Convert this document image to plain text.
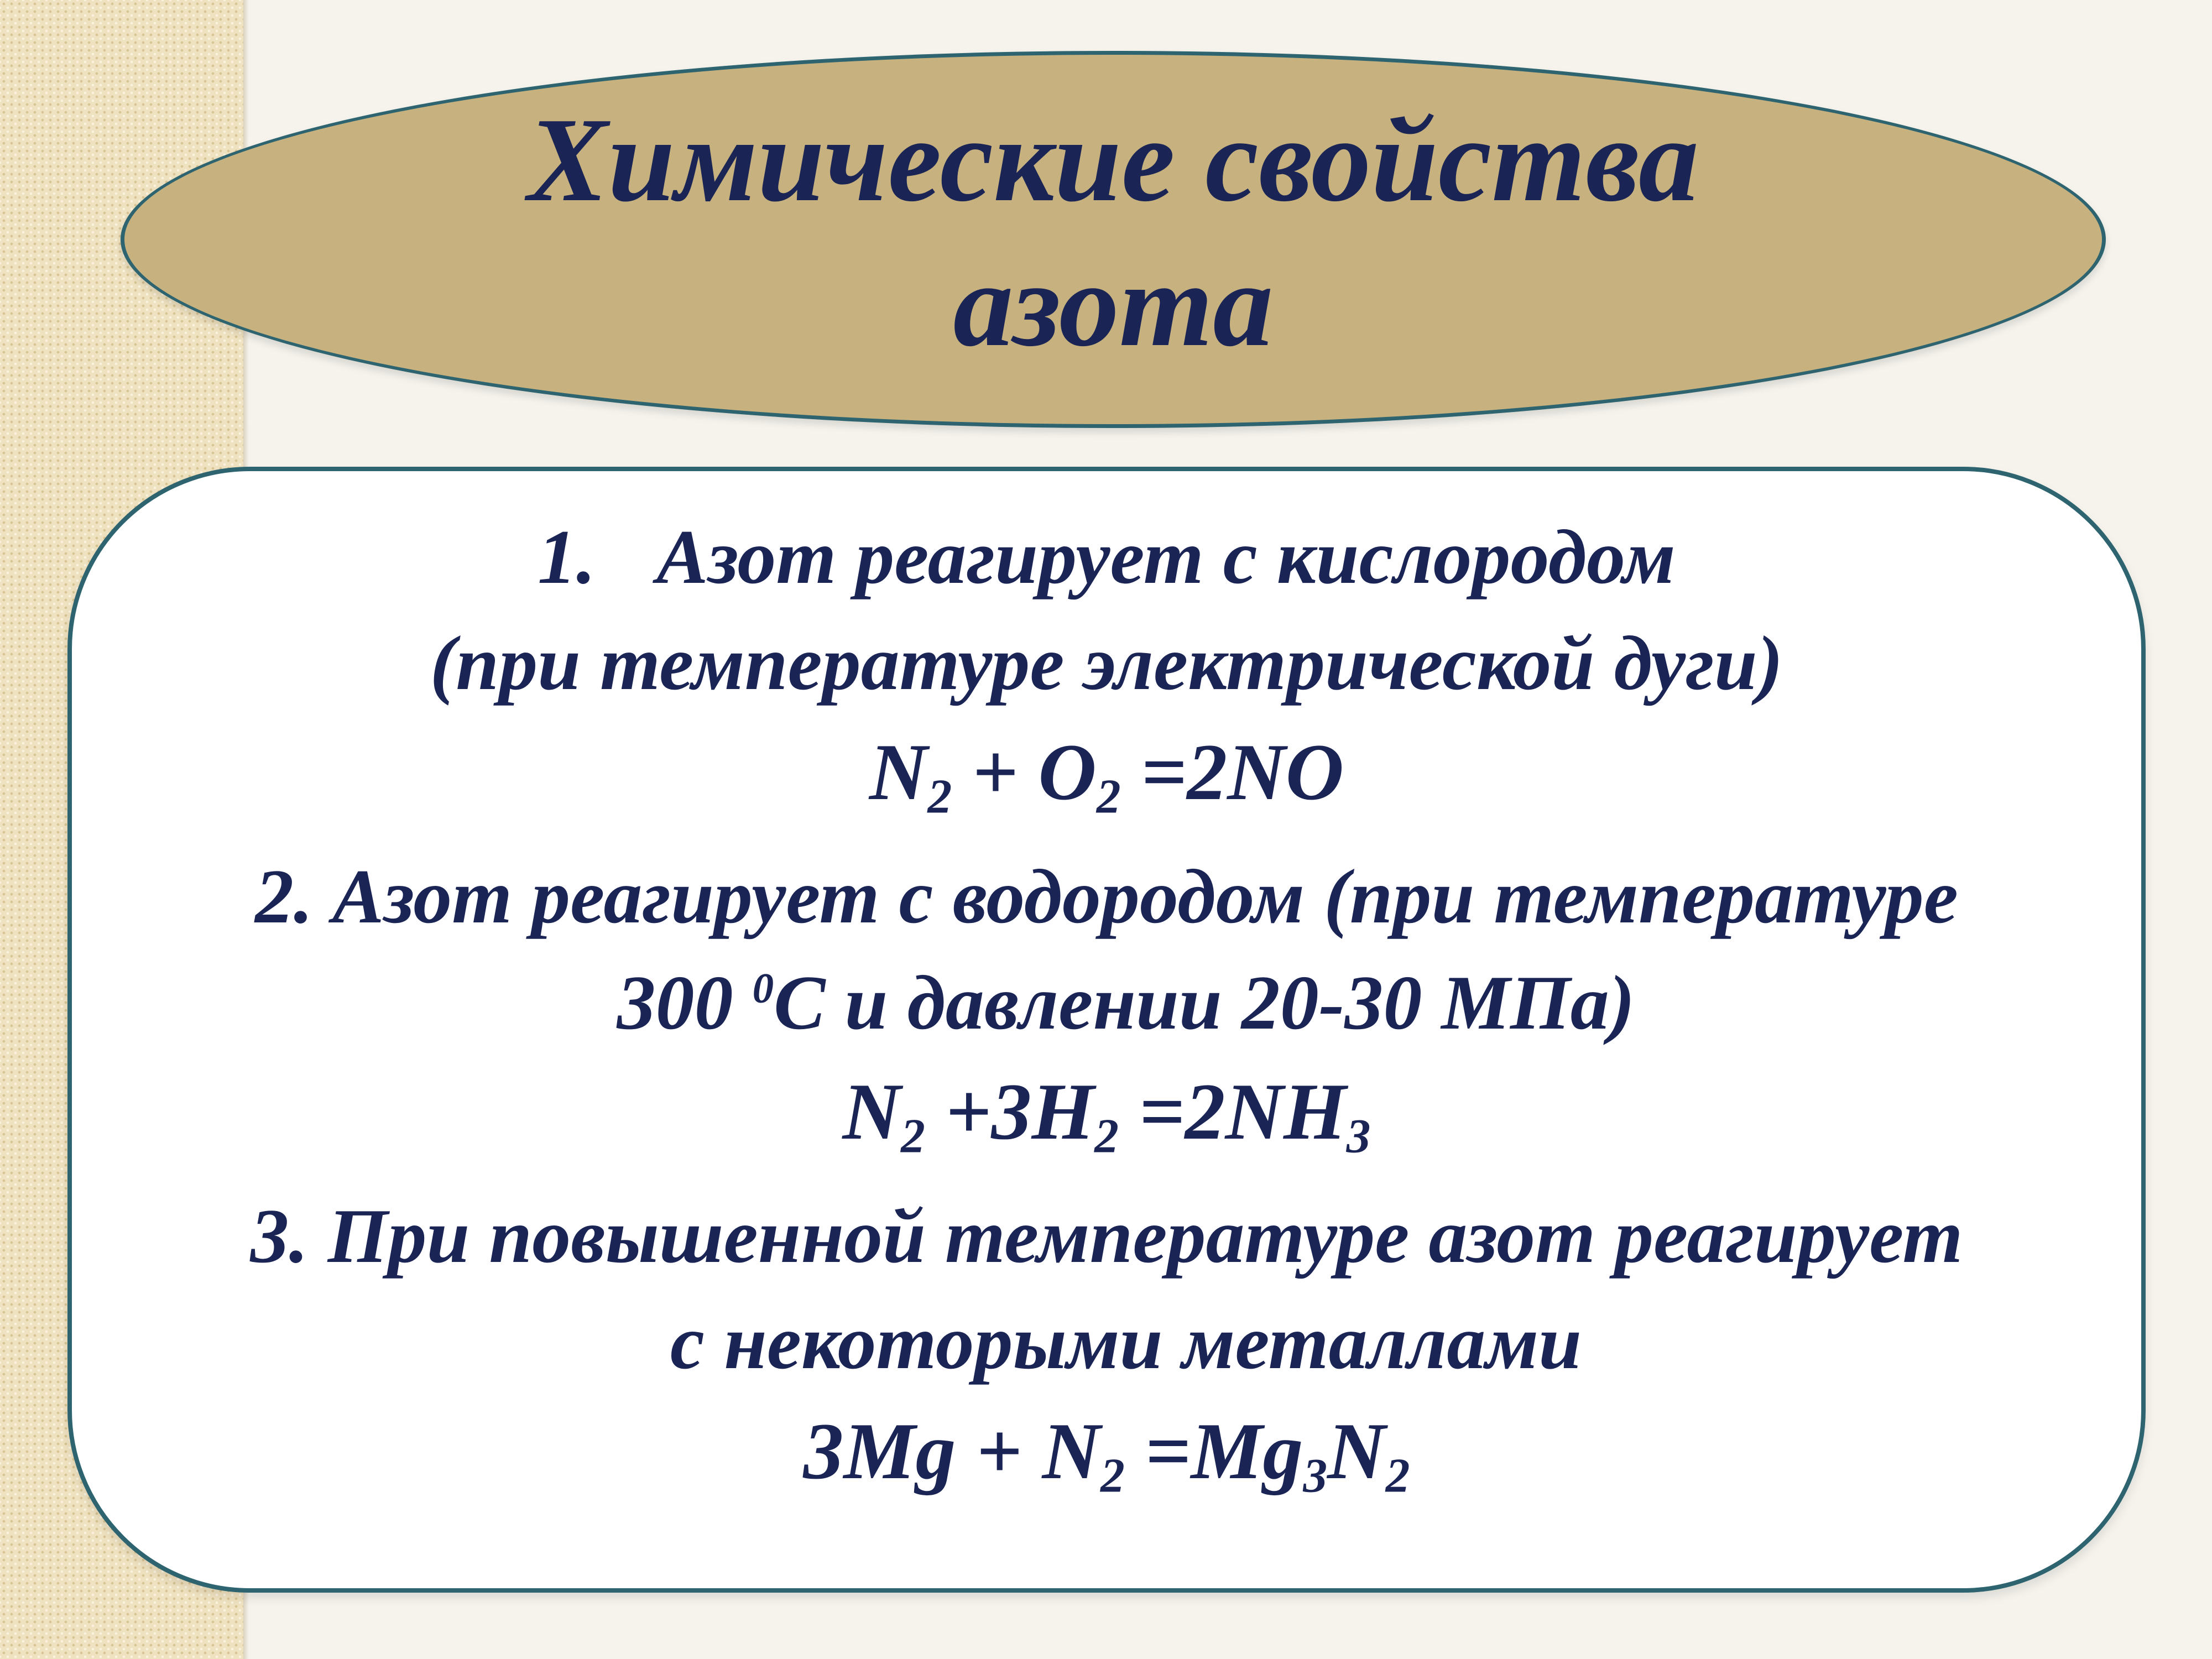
Химические свойства
азота
1. Азот реагирует с кислородом
(при температуре электрической дуги)
$N_2 + O_2 =2NO$
2. Азот реагирует с водородом (при температуре
300 $^0$С и давлении 20-30 МПа)
$N_2 +3H_2 =2NH_3$
3. При повышенной температуре азот реагирует
с некоторыми металлами
$3Mg + N_2 =Mg_3N_2$
